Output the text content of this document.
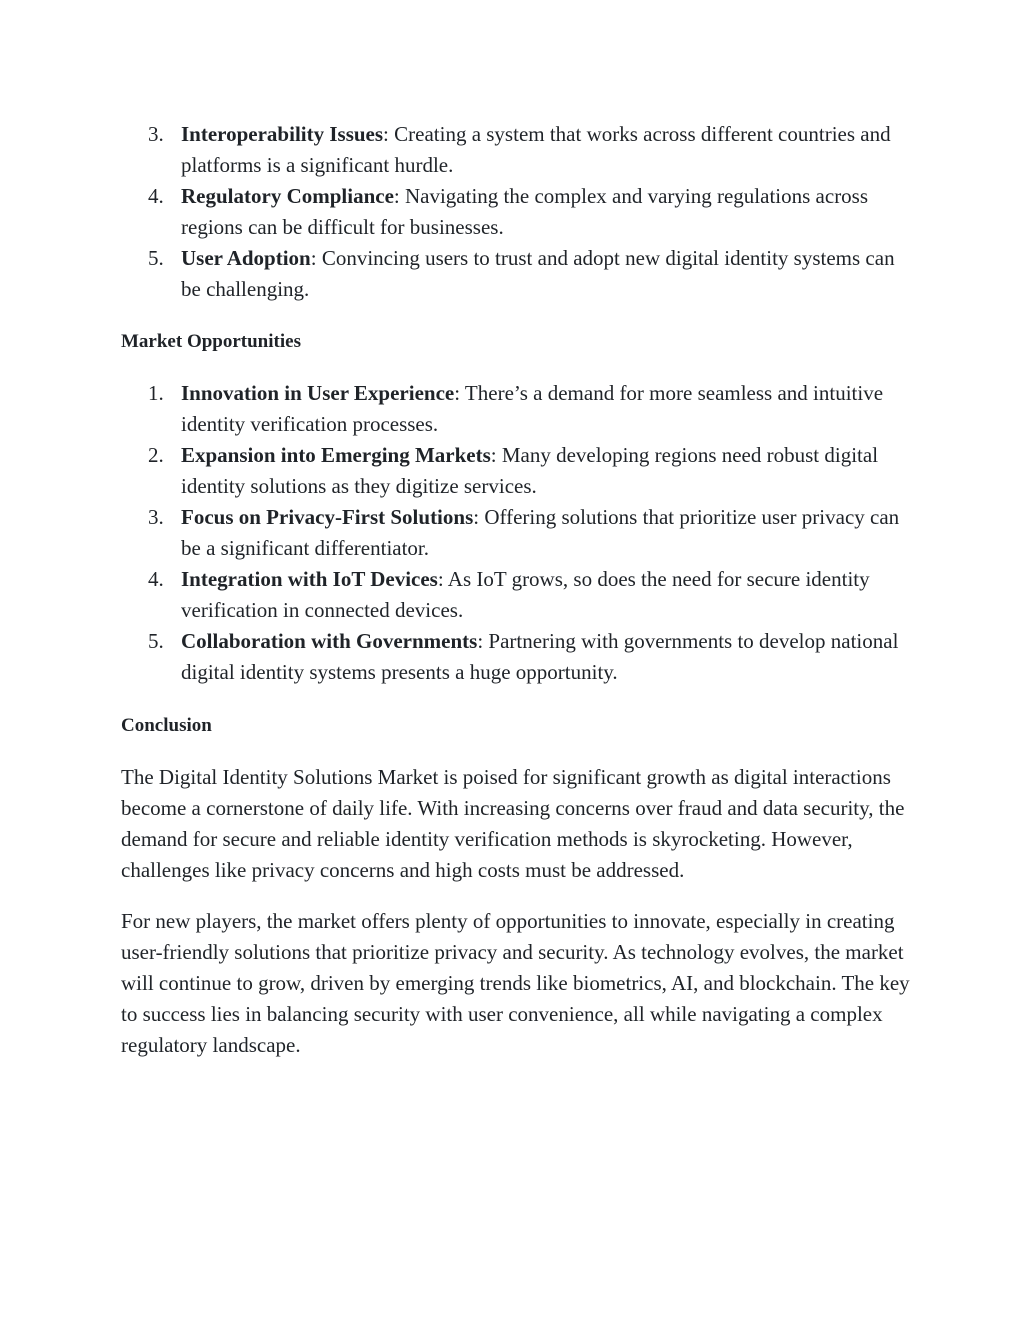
3. Interoperability Issues: Creating a system that works across different countries and platforms is a significant hurdle.
4. Regulatory Compliance: Navigating the complex and varying regulations across regions can be difficult for businesses.
5. User Adoption: Convincing users to trust and adopt new digital identity systems can be challenging.
Market Opportunities
1. Innovation in User Experience: There’s a demand for more seamless and intuitive identity verification processes.
2. Expansion into Emerging Markets: Many developing regions need robust digital identity solutions as they digitize services.
3. Focus on Privacy-First Solutions: Offering solutions that prioritize user privacy can be a significant differentiator.
4. Integration with IoT Devices: As IoT grows, so does the need for secure identity verification in connected devices.
5. Collaboration with Governments: Partnering with governments to develop national digital identity systems presents a huge opportunity.
Conclusion

The Digital Identity Solutions Market is poised for significant growth as digital interactions become a cornerstone of daily life. With increasing concerns over fraud and data security, the demand for secure and reliable identity verification methods is skyrocketing. However, challenges like privacy concerns and high costs must be addressed.

For new players, the market offers plenty of opportunities to innovate, especially in creating user-friendly solutions that prioritize privacy and security. As technology evolves, the market will continue to grow, driven by emerging trends like biometrics, AI, and blockchain. The key to success lies in balancing security with user convenience, all while navigating a complex regulatory landscape.
